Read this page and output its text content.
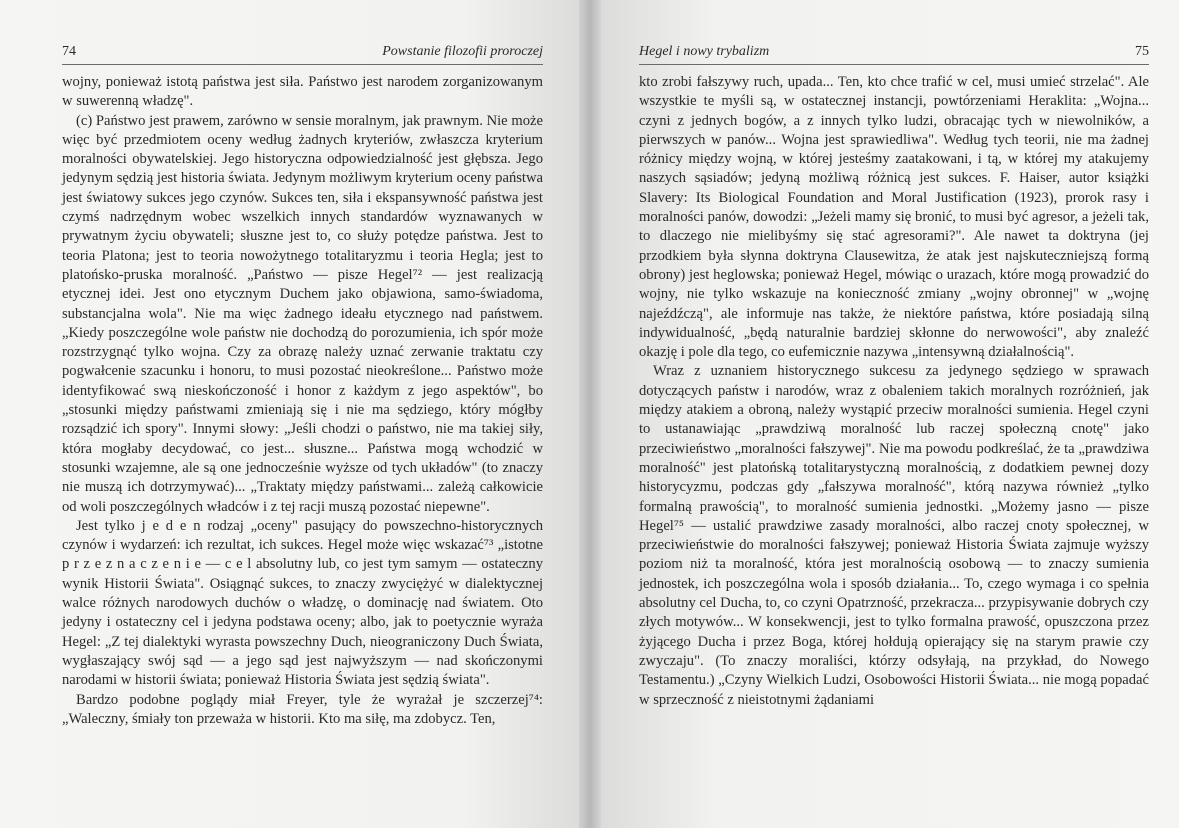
74	Powstanie filozofii proroczej

wojny, ponieważ istotą państwa jest siła. Państwo jest narodem zorganizowanym w suwerenną władzę".

(c) Państwo jest prawem, zarówno w sensie moralnym, jak prawnym. Nie może więc być przedmiotem oceny według żadnych kryteriów, zwłaszcza kryterium moralności obywatelskiej. Jego historyczna odpowiedzialność jest głębsza. Jego jedynym sędzią jest historia świata. Jedynym możliwym kryterium oceny państwa jest światowy sukces jego czynów. Sukces ten, siła i ekspansywność państwa jest czymś nadrzędnym wobec wszelkich innych standardów wyznawanych w prywatnym życiu obywateli; słuszne jest to, co służy potędze państwa. Jest to teoria Platona; jest to teoria nowożytnego totalitaryzmu i teoria Hegla; jest to platońsko-pruska moralność. „Państwo — pisze Hegel⁷² — jest realizacją etycznej idei. Jest ono etycznym Duchem jako objawiona, samo-świadoma, substancjalna wola". Nie ma więc żadnego ideału etycznego nad państwem. „Kiedy poszczególne wole państw nie dochodzą do porozumienia, ich spór może rozstrzygnąć tylko wojna. Czy za obrazę należy uznać zerwanie traktatu czy pogwałcenie szacunku i honoru, to musi pozostać nieokreślone... Państwo może identyfikować swą nieskończoność i honor z każdym z jego aspektów", bo „stosunki między państwami zmieniają się i nie ma sędziego, który mógłby rozsądzić ich spory". Innymi słowy: „Jeśli chodzi o państwo, nie ma takiej siły, która mogłaby decydować, co jest... słuszne... Państwa mogą wchodzić w stosunki wzajemne, ale są one jednocześnie wyższe od tych układów" (to znaczy nie muszą ich dotrzymywać)... „Traktaty między państwami... zależą całkowicie od woli poszczególnych władców i z tej racji muszą pozostać niepewne".

Jest tylko j e d e n rodzaj „oceny" pasujący do powszechno-historycznych czynów i wydarzeń: ich rezultat, ich sukces. Hegel może więc wskazać⁷³ „istotne p r z e z n a c z e n i e — c e l absolutny lub, co jest tym samym — ostateczny wynik Historii Świata". Osiągnąć sukces, to znaczy zwyciężyć w dialektycznej walce różnych narodowych duchów o władzę, o dominację nad światem. Oto jedyny i ostateczny cel i jedyna podstawa oceny; albo, jak to poetycznie wyraża Hegel: „Z tej dialektyki wyrasta powszechny Duch, nieograniczony Duch Świata, wygłaszający swój sąd — a jego sąd jest najwyższym — nad skończonymi narodami w historii świata; ponieważ Historia Świata jest sędzią świata".

Bardzo podobne poglądy miał Freyer, tyle że wyrażał je szczerzej⁷⁴: „Waleczny, śmiały ton przeważa w historii. Kto ma siłę, ma zdobycz. Ten,

Hegel i nowy trybalizm	75

kto zrobi fałszywy ruch, upada... Ten, kto chce trafić w cel, musi umieć strzelać". Ale wszystkie te myśli są, w ostatecznej instancji, powtórzeniami Heraklita: „Wojna... czyni z jednych bogów, a z innych tylko ludzi, obracając tych w niewolników, a pierwszych w panów... Wojna jest sprawiedliwa". Według tych teorii, nie ma żadnej różnicy między wojną, w której jesteśmy zaatakowani, i tą, w której my atakujemy naszych sąsiadów; jedyną możliwą różnicą jest sukces. F. Haiser, autor książki Slavery: Its Biological Foundation and Moral Justification (1923), prorok rasy i moralności panów, dowodzi: „Jeżeli mamy się bronić, to musi być agresor, a jeżeli tak, to dlaczego nie mielibyśmy się stać agresorami?". Ale nawet ta doktryna (jej przodkiem była słynna doktryna Clausewitza, że atak jest najskuteczniejszą formą obrony) jest heglowska; ponieważ Hegel, mówiąc o urazach, które mogą prowadzić do wojny, nie tylko wskazuje na konieczność zmiany „wojny obronnej" w „wojnę najeźdźczą", ale informuje nas także, że niektóre państwa, które posiadają silną indywidualność, „będą naturalnie bardziej skłonne do nerwowości", aby znaleźć okazję i pole dla tego, co eufemicznie nazywa „intensywną działalnością".

Wraz z uznaniem historycznego sukcesu za jedynego sędziego w sprawach dotyczących państw i narodów, wraz z obaleniem takich moralnych rozróżnień, jak między atakiem a obroną, należy wystąpić przeciw moralności sumienia. Hegel czyni to ustanawiając „prawdziwą moralność lub raczej społeczną cnotę" jako przeciwieństwo „moralności fałszywej". Nie ma powodu podkreślać, że ta „prawdziwa moralność" jest platońską totalitarystyczną moralnością, z dodatkiem pewnej dozy historycyzmu, podczas gdy „fałszywa moralność", którą nazywa również „tylko formalną prawością", to moralność sumienia jednostki. „Możemy jasno — pisze Hegel⁷⁵ — ustalić prawdziwe zasady moralności, albo raczej cnoty społecznej, w przeciwieństwie do moralności fałszywej; ponieważ Historia Świata zajmuje wyższy poziom niż ta moralność, która jest moralnością osobową — to znaczy sumienia jednostek, ich poszczególna wola i sposób działania... To, czego wymaga i co spełnia absolutny cel Ducha, to, co czyni Opatrzność, przekracza... przypisywanie dobrych czy złych motywów... W konsekwencji, jest to tylko formalna prawość, opuszczona przez żyjącego Ducha i przez Boga, której hołdują opierający się na starym prawie czy zwyczaju". (To znaczy moraliści, którzy odsyłają, na przykład, do Nowego Testamentu.) „Czyny Wielkich Ludzi, Osobowości Historii Świata... nie mogą popadać w sprzeczność z nieistotnymi żądaniami
